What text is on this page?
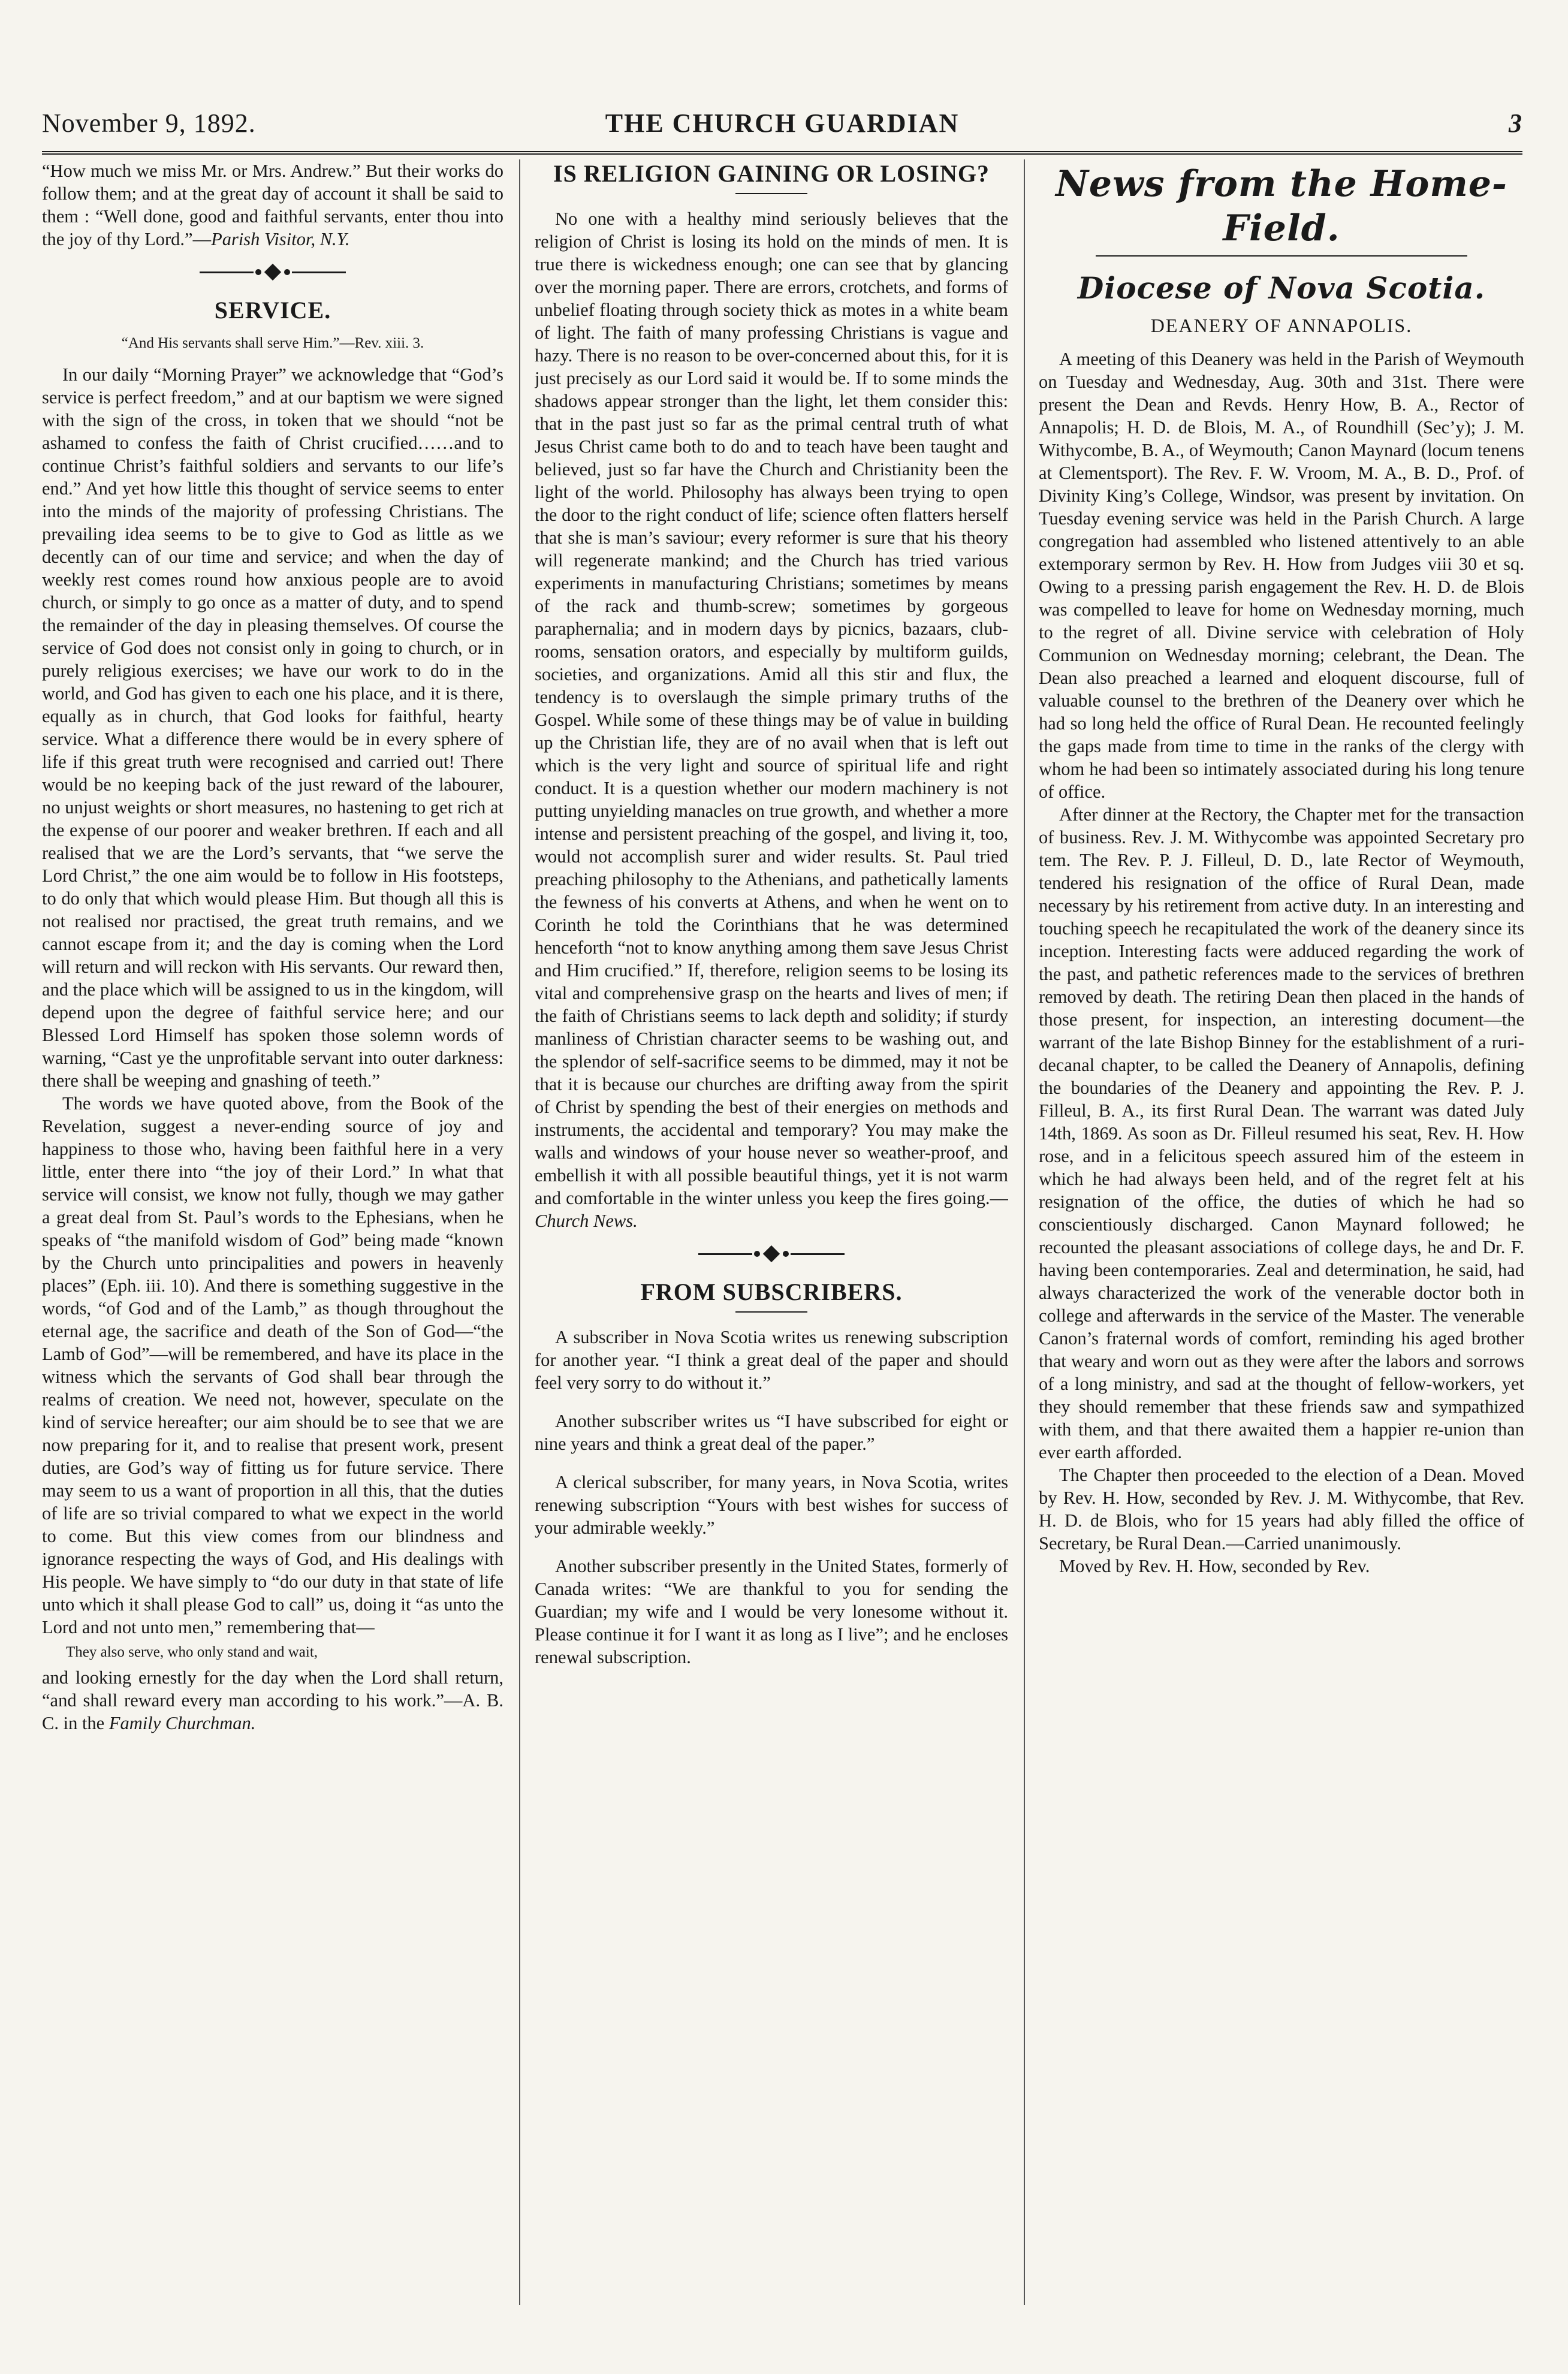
November 9, 1892.	THE CHURCH GUARDIAN	3

“How much we miss Mr. or Mrs. Andrew.” But their works do follow them; and at the great day of account it shall be said to them : “Well done, good and faithful servants, enter thou into the joy of thy Lord.”—Parish Visitor, N.Y.

SERVICE.

“And His servants shall serve Him.”—Rev. xiii. 3.

In our daily “Morning Prayer” we acknowledge that “God’s service is perfect freedom,” and at our baptism we were signed with the sign of the cross, in token that we should “not be ashamed to confess the faith of Christ crucified……and to continue Christ’s faithful soldiers and servants to our life’s end.” And yet how little this thought of service seems to enter into the minds of the majority of professing Christians. The prevailing idea seems to be to give to God as little as we decently can of our time and service; and when the day of weekly rest comes round how anxious people are to avoid church, or simply to go once as a matter of duty, and to spend the remainder of the day in pleasing themselves. Of course the service of God does not consist only in going to church, or in purely religious exercises; we have our work to do in the world, and God has given to each one his place, and it is there, equally as in church, that God looks for faithful, hearty service. What a difference there would be in every sphere of life if this great truth were recognised and carried out! There would be no keeping back of the just reward of the labourer, no unjust weights or short measures, no hastening to get rich at the expense of our poorer and weaker brethren. If each and all realised that we are the Lord’s servants, that “we serve the Lord Christ,” the one aim would be to follow in His footsteps, to do only that which would please Him. But though all this is not realised nor practised, the great truth remains, and we cannot escape from it; and the day is coming when the Lord will return and will reckon with His servants. Our reward then, and the place which will be assigned to us in the kingdom, will depend upon the degree of faithful service here; and our Blessed Lord Himself has spoken those solemn words of warning, “Cast ye the unprofitable servant into outer darkness: there shall be weeping and gnashing of teeth.”

The words we have quoted above, from the Book of the Revelation, suggest a never-ending source of joy and happiness to those who, having been faithful here in a very little, enter there into “the joy of their Lord.” In what that service will consist, we know not fully, though we may gather a great deal from St. Paul’s words to the Ephesians, when he speaks of “the manifold wisdom of God” being made “known by the Church unto principalities and powers in heavenly places” (Eph. iii. 10). And there is something suggestive in the words, “of God and of the Lamb,” as though throughout the eternal age, the sacrifice and death of the Son of God—“the Lamb of God”—will be remembered, and have its place in the witness which the servants of God shall bear through the realms of creation. We need not, however, speculate on the kind of service hereafter; our aim should be to see that we are now preparing for it, and to realise that present work, present duties, are God’s way of fitting us for future service. There may seem to us a want of proportion in all this, that the duties of life are so trivial compared to what we expect in the world to come. But this view comes from our blindness and ignorance respecting the ways of God, and His dealings with His people. We have simply to “do our duty in that state of life unto which it shall please God to call” us, doing it “as unto the Lord and not unto men,” remembering that—

They also serve, who only stand and wait,

and looking ernestly for the day when the Lord shall return, “and shall reward every man according to his work.”—A. B. C. in the Family Churchman.

IS RELIGION GAINING OR LOSING?

No one with a healthy mind seriously believes that the religion of Christ is losing its hold on the minds of men. It is true there is wickedness enough; one can see that by glancing over the morning paper. There are errors, crotchets, and forms of unbelief floating through society thick as motes in a white beam of light. The faith of many professing Christians is vague and hazy. There is no reason to be over-concerned about this, for it is just precisely as our Lord said it would be. If to some minds the shadows appear stronger than the light, let them consider this: that in the past just so far as the primal central truth of what Jesus Christ came both to do and to teach have been taught and believed, just so far have the Church and Christianity been the light of the world. Philosophy has always been trying to open the door to the right conduct of life; science often flatters herself that she is man’s saviour; every reformer is sure that his theory will regenerate mankind; and the Church has tried various experiments in manufacturing Christians; sometimes by means of the rack and thumb-screw; sometimes by gorgeous paraphernalia; and in modern days by picnics, bazaars, club-rooms, sensation orators, and especially by multiform guilds, societies, and organizations. Amid all this stir and flux, the tendency is to overslaugh the simple primary truths of the Gospel. While some of these things may be of value in building up the Christian life, they are of no avail when that is left out which is the very light and source of spiritual life and right conduct. It is a question whether our modern machinery is not putting unyielding manacles on true growth, and whether a more intense and persistent preaching of the gospel, and living it, too, would not accomplish surer and wider results. St. Paul tried preaching philosophy to the Athenians, and pathetically laments the fewness of his converts at Athens, and when he went on to Corinth he told the Corinthians that he was determined henceforth “not to know anything among them save Jesus Christ and Him crucified.” If, therefore, religion seems to be losing its vital and comprehensive grasp on the hearts and lives of men; if the faith of Christians seems to lack depth and solidity; if sturdy manliness of Christian character seems to be washing out, and the splendor of self-sacrifice seems to be dimmed, may it not be that it is because our churches are drifting away from the spirit of Christ by spending the best of their energies on methods and instruments, the accidental and temporary? You may make the walls and windows of your house never so weather-proof, and embellish it with all possible beautiful things, yet it is not warm and comfortable in the winter unless you keep the fires going.—Church News.

FROM SUBSCRIBERS.

A subscriber in Nova Scotia writes us renewing subscription for another year. “I think a great deal of the paper and should feel very sorry to do without it.”

Another subscriber writes us “I have subscribed for eight or nine years and think a great deal of the paper.”

A clerical subscriber, for many years, in Nova Scotia, writes renewing subscription “Yours with best wishes for success of your admirable weekly.”

Another subscriber presently in the United States, formerly of Canada writes: “We are thankful to you for sending the Guardian; my wife and I would be very lonesome without it. Please continue it for I want it as long as I live”; and he encloses renewal subscription.

News from the Home-Field.
Diocese of Nova Scotia.

DEANERY OF ANNAPOLIS.

A meeting of this Deanery was held in the Parish of Weymouth on Tuesday and Wednesday, Aug. 30th and 31st. There were present the Dean and Revds. Henry How, B. A., Rector of Annapolis; H. D. de Blois, M. A., of Roundhill (Sec’y); J. M. Withycombe, B. A., of Weymouth; Canon Maynard (locum tenens at Clementsport). The Rev. F. W. Vroom, M. A., B. D., Prof. of Divinity King’s College, Windsor, was present by invitation. On Tuesday evening service was held in the Parish Church. A large congregation had assembled who listened attentively to an able extemporary sermon by Rev. H. How from Judges viii 30 et sq. Owing to a pressing parish engagement the Rev. H. D. de Blois was compelled to leave for home on Wednesday morning, much to the regret of all. Divine service with celebration of Holy Communion on Wednesday morning; celebrant, the Dean. The Dean also preached a learned and eloquent discourse, full of valuable counsel to the brethren of the Deanery over which he had so long held the office of Rural Dean. He recounted feelingly the gaps made from time to time in the ranks of the clergy with whom he had been so intimately associated during his long tenure of office.

After dinner at the Rectory, the Chapter met for the transaction of business. Rev. J. M. Withycombe was appointed Secretary pro tem. The Rev. P. J. Filleul, D. D., late Rector of Weymouth, tendered his resignation of the office of Rural Dean, made necessary by his retirement from active duty. In an interesting and touching speech he recapitulated the work of the deanery since its inception. Interesting facts were adduced regarding the work of the past, and pathetic references made to the services of brethren removed by death. The retiring Dean then placed in the hands of those present, for inspection, an interesting document—the warrant of the late Bishop Binney for the establishment of a ruri-decanal chapter, to be called the Deanery of Annapolis, defining the boundaries of the Deanery and appointing the Rev. P. J. Filleul, B. A., its first Rural Dean. The warrant was dated July 14th, 1869. As soon as Dr. Filleul resumed his seat, Rev. H. How rose, and in a felicitous speech assured him of the esteem in which he had always been held, and of the regret felt at his resignation of the office, the duties of which he had so conscientiously discharged. Canon Maynard followed; he recounted the pleasant associations of college days, he and Dr. F. having been contemporaries. Zeal and determination, he said, had always characterized the work of the venerable doctor both in college and afterwards in the service of the Master. The venerable Canon’s fraternal words of comfort, reminding his aged brother that weary and worn out as they were after the labors and sorrows of a long ministry, and sad at the thought of fellow-workers, yet they should remember that these friends saw and sympathized with them, and that there awaited them a happier re-union than ever earth afforded.

The Chapter then proceeded to the election of a Dean. Moved by Rev. H. How, seconded by Rev. J. M. Withycombe, that Rev. H. D. de Blois, who for 15 years had ably filled the office of Secretary, be Rural Dean.—Carried unanimously.

Moved by Rev. H. How, seconded by Rev.
